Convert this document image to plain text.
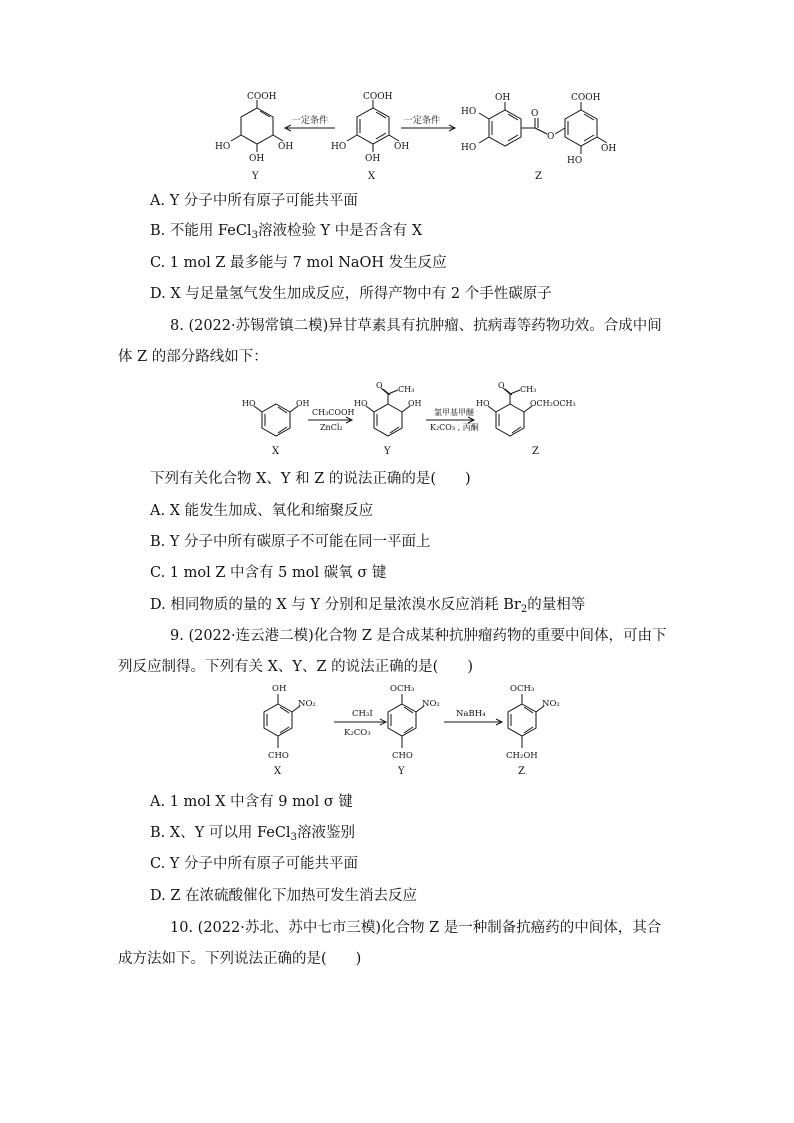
COOH
HO
OH
OH
一定条件
COOH
HO
OH
OH
一定条件
OH
HO
HO
O
O
COOH
HO
OH
Y	X	Z
A. Y 分子中所有原子可能共平面
B. 不能用 FeCl$_3$溶液检验 Y 中是否含有 X
C. 1 mol Z 最多能与 7 mol NaOH 发生反应
D. X 与足量氢气发生加成反应，所得产物中有 2 个手性碳原子
8. (2022·苏锡常镇二模)异甘草素具有抗肿瘤、抗病毒等药物功效。合成中间
体 Z 的部分路线如下：
HO	OH
CH₃COOH
ZnCl₂
O CH₃
HO	OH
氯甲基甲醚
K₂CO₃ , 丙酮
O CH₃
HO	OCH₂OCH₃
X	Y	Z
下列有关化合物 X、Y 和 Z 的说法正确的是(　　)
A. X 能发生加成、氧化和缩聚反应
B. Y 分子中所有碳原子不可能在同一平面上
C. 1 mol Z 中含有 5 mol 碳氧 σ 键
D. 相同物质的量的 X 与 Y 分别和足量浓溴水反应消耗 $Br_2$的量相等
9. (2022·连云港二模)化合物 Z 是合成某种抗肿瘤药物的重要中间体，可由下
列反应制得。下列有关 X、Y、Z 的说法正确的是(　　)
OH
NO₂
CHO
CH₃I
K₂CO₃
OCH₃
NO₂
CHO
NaBH₄
OCH₃
NO₂
CH₂OH
X	Y	Z
A. 1 mol X 中含有 9 mol σ 键
B. X、Y 可以用 FeCl$_3$溶液鉴别
C. Y 分子中所有原子可能共平面
D. Z 在浓硫酸催化下加热可发生消去反应
10. (2022·苏北、苏中七市三模)化合物 Z 是一种制备抗癌药的中间体，其合
成方法如下。下列说法正确的是(　　)
